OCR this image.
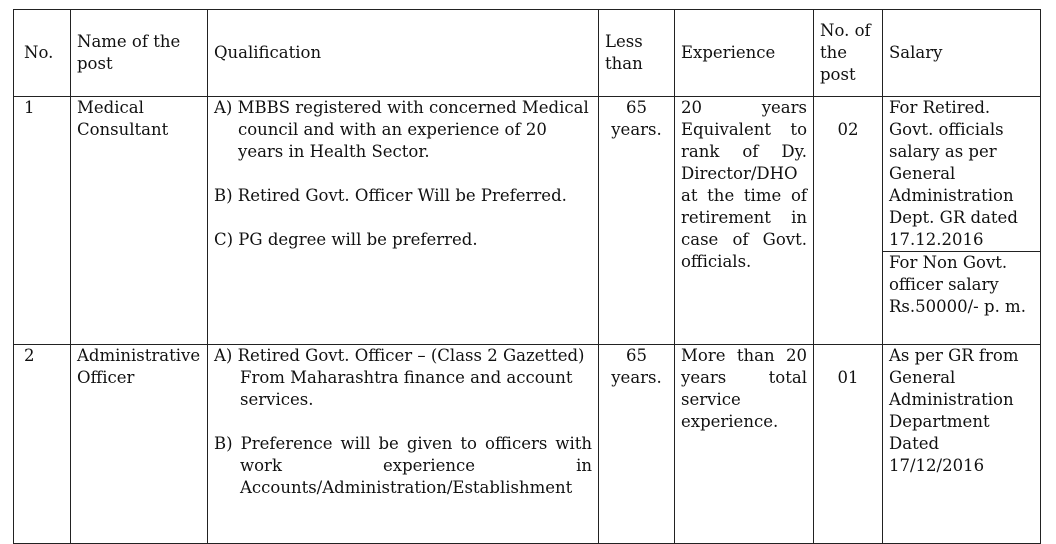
No.	Name of the post	Qualification	Less than	Experience	No. of the post	Salary
1	Medical Consultant	A) MBBS registered with concerned Medical council and with an experience of 20 years in Health Sector.

B) Retired Govt. Officer Will be Preferred.

C) PG degree will be preferred.	65 years.	20 years Equivalent to rank of Dy. Director/DHO at the time of retirement in case of Govt. officials.	02	For Retired. Govt. officials salary as per General Administration Dept. GR dated 17.12.2016
						For Non Govt. officer salary Rs.50000/- p. m.
2	Administrative Officer	A) Retired Govt. Officer – (Class 2 Gazetted) From Maharashtra finance and account services.

B) Preference will be given to officers with work experience in Accounts/Administration/Establishment	65 years.	More than 20 years total service experience.	01	As per GR from General Administration Department Dated 17/12/2016
